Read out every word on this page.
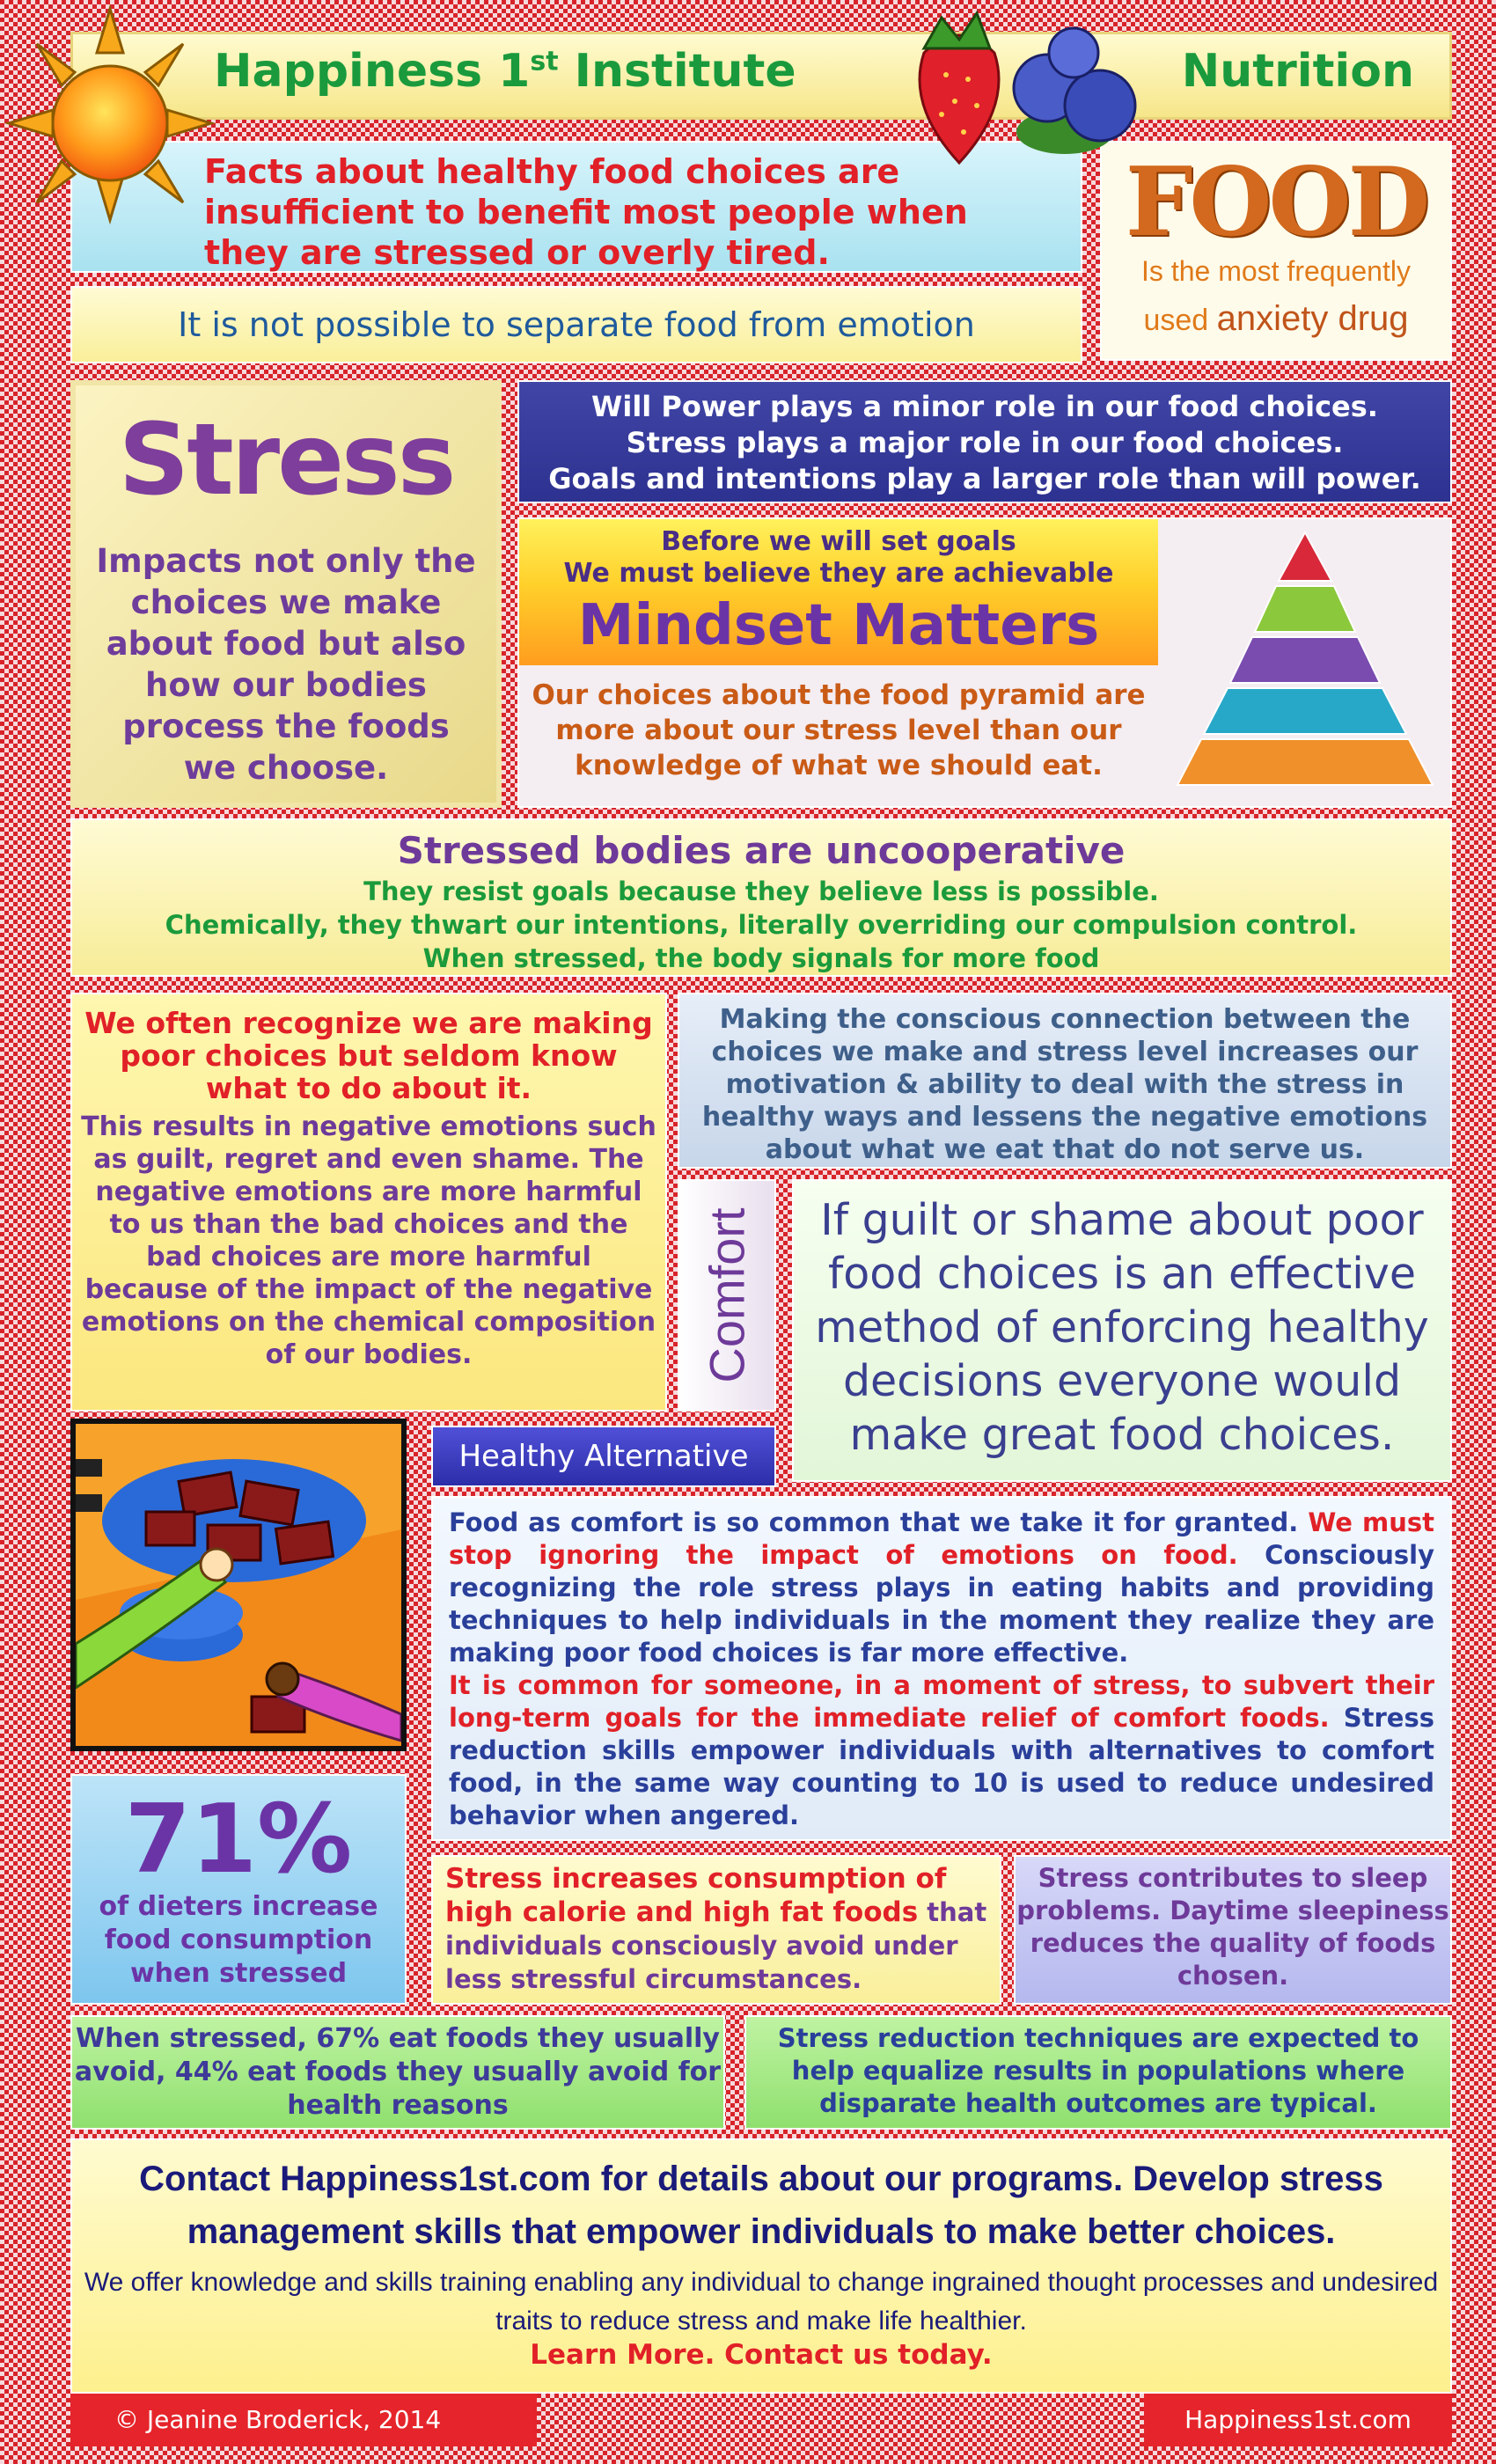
Happiness 1st Institute	Nutrition

Facts about healthy food choices are insufficient to benefit most people when they are stressed or overly tired.

It is not possible to separate food from emotion

FOOD
Is the most frequently
used anxiety drug
Stress

Impacts not only the choices we make about food but also how our bodies process the foods we choose.

Will Power plays a minor role in our food choices.
Stress plays a major role in our food choices.
Goals and intentions play a larger role than will power.

Before we will set goals
We must believe they are achievable
Mindset Matters
Our choices about the food pyramid are more about our stress level than our knowledge of what we should eat.
Stressed bodies are uncooperative
They resist goals because they believe less is possible.
Chemically, they thwart our intentions, literally overriding our compulsion control.
When stressed, the body signals for more food

We often recognize we are making poor choices but seldom know what to do about it.

This results in negative emotions such as guilt, regret and even shame. The negative emotions are more harmful to us than the bad choices and the bad choices are more harmful because of the impact of the negative emotions on the chemical composition of our bodies.

Making the conscious connection between the choices we make and stress level increases our motivation & ability to deal with the stress in healthy ways and lessens the negative emotions about what we eat that do not serve us.

Comfort	If guilt or shame about poor food choices is an effective method of enforcing healthy decisions everyone would make great food choices.

Healthy Alternative

Food as comfort is so common that we take it for granted. We must stop ignoring the impact of emotions on food. Consciously recognizing the role stress plays in eating habits and providing techniques to help individuals in the moment they realize they are making poor food choices is far more effective.
It is common for someone, in a moment of stress, to subvert their long-term goals for the immediate relief of comfort foods. Stress reduction skills empower individuals with alternatives to comfort food, in the same way counting to 10 is used to reduce undesired behavior when angered.

71%

of dieters increase food consumption when stressed

Stress increases consumption of high calorie and high fat foods that individuals consciously avoid under less stressful circumstances.

Stress contributes to sleep problems. Daytime sleepiness reduces the quality of foods chosen.

When stressed, 67% eat foods they usually avoid, 44% eat foods they usually avoid for health reasons

Stress reduction techniques are expected to help equalize results in populations where disparate health outcomes are typical.

Contact Happiness1st.com for details about our programs. Develop stress management skills that empower individuals to make better choices.

We offer knowledge and skills training enabling any individual to change ingrained thought processes and undesired traits to reduce stress and make life healthier.

Learn More. Contact us today.

© Jeanine Broderick, 2014	Happiness1st.com
